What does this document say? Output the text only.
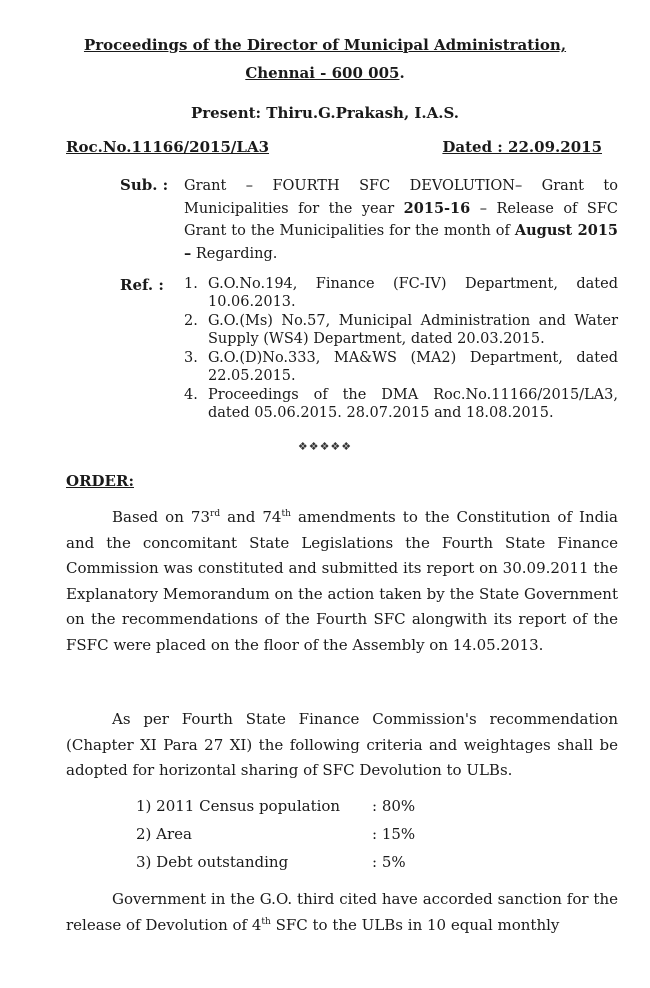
Proceedings of the Director of Municipal Administration,
Chennai - 600 005.
Present: Thiru.G.Prakash, I.A.S.
Roc.No.11166/2015/LA3	Dated : 22.09.2015
Sub. : Grant – FOURTH SFC DEVOLUTION– Grant to Municipalities for the year 2015-16 – Release of SFC Grant to the Municipalities for the month of August 2015 – Regarding.
Ref. : 1. G.O.No.194, Finance (FC-IV) Department, dated 10.06.2013.
2. G.O.(Ms) No.57, Municipal Administration and Water Supply (WS4) Department, dated 20.03.2015.
3. G.O.(D)No.333, MA&WS (MA2) Department, dated 22.05.2015.
4. Proceedings of the DMA Roc.No.11166/2015/LA3, dated 05.06.2015. 28.07.2015 and 18.08.2015.
❖❖❖❖❖
ORDER:

Based on 73rd and 74th amendments to the Constitution of India and the concomitant State Legislations the Fourth State Finance Commission was constituted and submitted its report on 30.09.2011 the Explanatory Memorandum on the action taken by the State Government on the recommendations of the Fourth SFC alongwith its report of the FSFC were placed on the floor of the Assembly on 14.05.2013.

As per Fourth State Finance Commission's recommendation (Chapter XI Para 27 XI) the following criteria and weightages shall be adopted for horizontal sharing of SFC Devolution to ULBs.

1) 2011 Census population : 80%
2) Area	: 15%
3) Debt outstanding	: 5%

Government in the G.O. third cited have accorded sanction for the release of Devolution of 4th SFC to the ULBs in 10 equal monthly
